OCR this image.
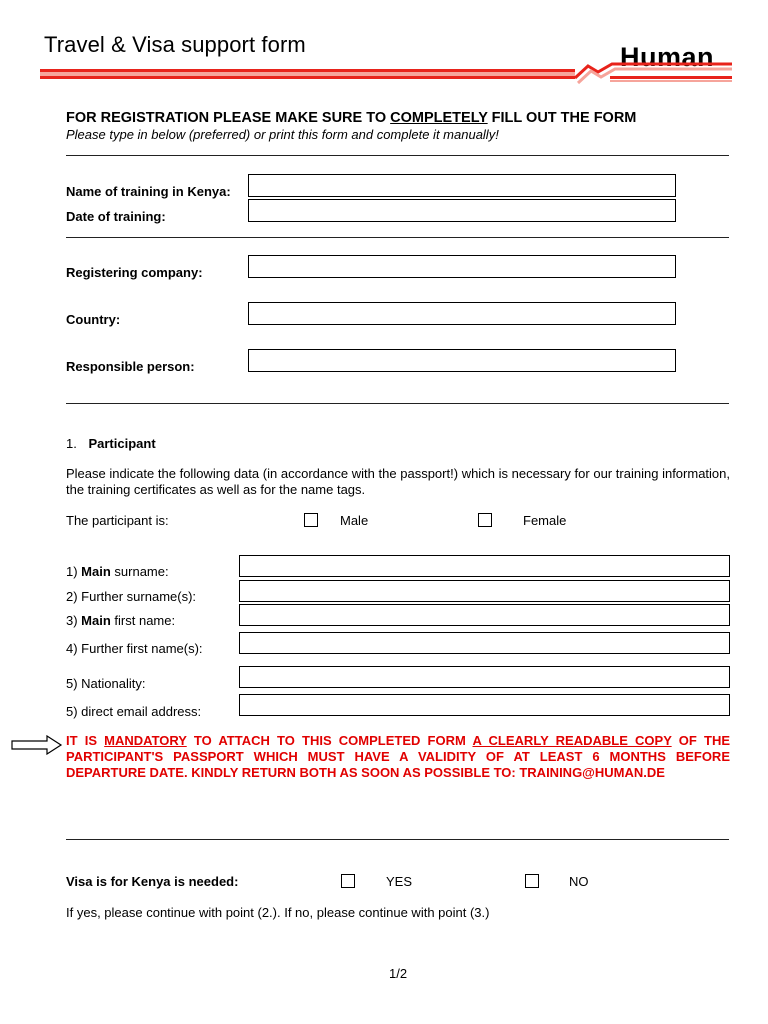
Travel & Visa support form	Human
FOR REGISTRATION PLEASE MAKE SURE TO COMPLETELY FILL OUT THE FORM
Please type in below (preferred) or print this form and complete it manually!
Name of training in Kenya:
Date of training:
Registering company:
Country:
Responsible person:
1. Participant
Please indicate the following data (in accordance with the passport!) which is necessary for our training information, the training certificates as well as for the name tags.
The participant is:	Male	Female
1) Main surname:
2) Further surname(s):
3) Main first name:
4) Further first name(s):
5) Nationality:
5) direct email address:
IT IS MANDATORY TO ATTACH TO THIS COMPLETED FORM A CLEARLY READABLE COPY OF THE PARTICIPANT'S PASSPORT WHICH MUST HAVE A VALIDITY OF AT LEAST 6 MONTHS BEFORE DEPARTURE DATE. KINDLY RETURN BOTH AS SOON AS POSSIBLE TO: TRAINING@HUMAN.DE
Visa is for Kenya is needed:	YES	NO
If yes, please continue with point (2.). If no, please continue with point (3.)
1/2
